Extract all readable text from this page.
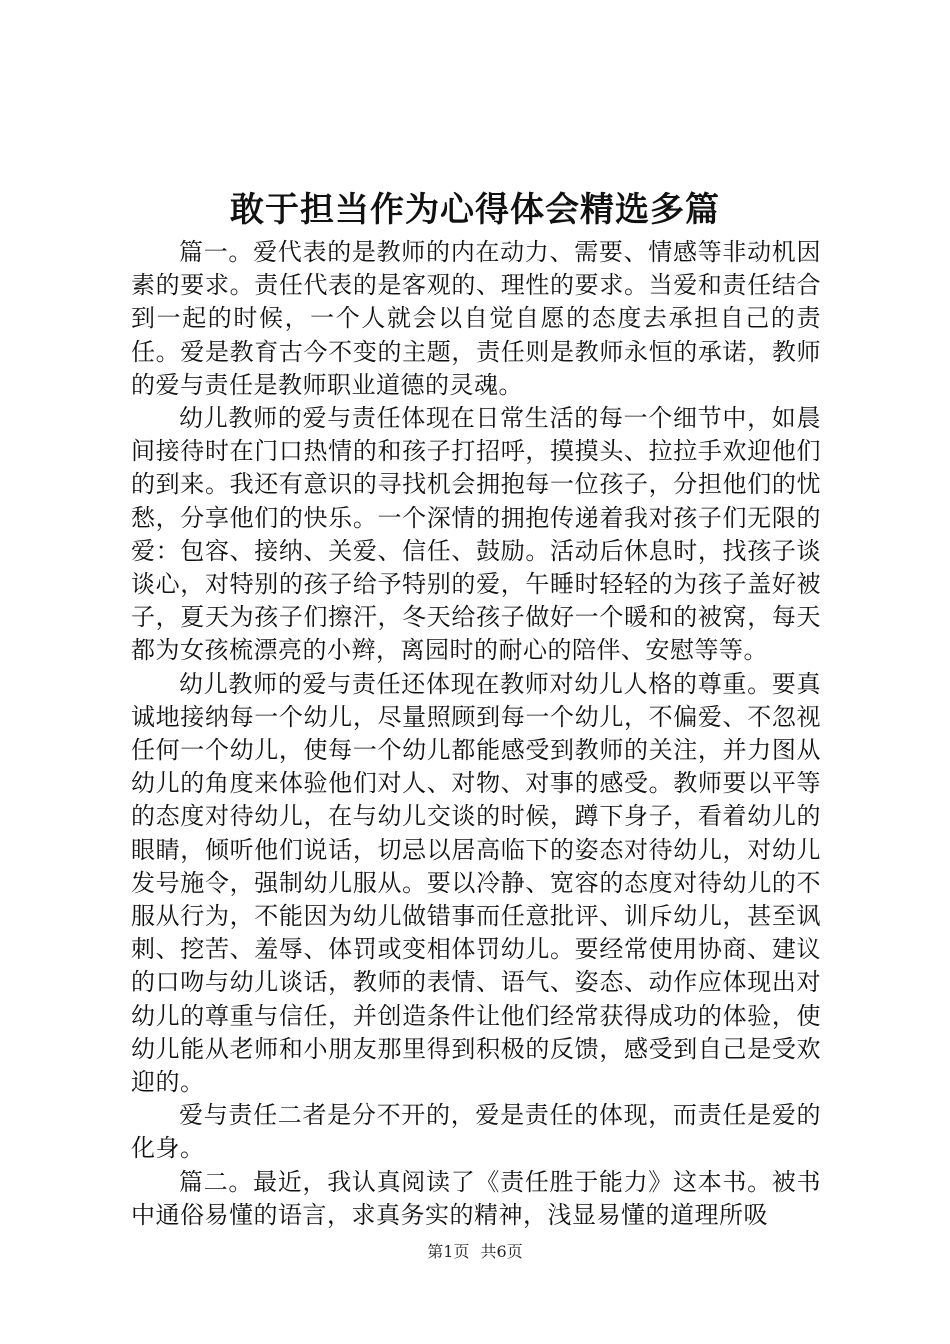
敢于担当作为心得体会精选多篇

篇一。爱代表的是教师的内在动力、需要、情感等非动机因素的要求。责任代表的是客观的、理性的要求。当爱和责任结合到一起的时候，一个人就会以自觉自愿的态度去承担自己的责任。爱是教育古今不变的主题，责任则是教师永恒的承诺，教师的爱与责任是教师职业道德的灵魂。

幼儿教师的爱与责任体现在日常生活的每一个细节中，如晨间接待时在门口热情的和孩子打招呼，摸摸头、拉拉手欢迎他们的到来。我还有意识的寻找机会拥抱每一位孩子，分担他们的忧愁，分享他们的快乐。一个深情的拥抱传递着我对孩子们无限的爱：包容、接纳、关爱、信任、鼓励。活动后休息时，找孩子谈谈心，对特别的孩子给予特别的爱，午睡时轻轻的为孩子盖好被子，夏天为孩子们擦汗，冬天给孩子做好一个暖和的被窝，每天都为女孩梳漂亮的小辫，离园时的耐心的陪伴、安慰等等。

幼儿教师的爱与责任还体现在教师对幼儿人格的尊重。要真诚地接纳每一个幼儿，尽量照顾到每一个幼儿，不偏爱、不忽视任何一个幼儿，使每一个幼儿都能感受到教师的关注，并力图从幼儿的角度来体验他们对人、对物、对事的感受。教师要以平等的态度对待幼儿，在与幼儿交谈的时候，蹲下身子，看着幼儿的眼睛，倾听他们说话，切忌以居高临下的姿态对待幼儿，对幼儿发号施令，强制幼儿服从。要以冷静、宽容的态度对待幼儿的不服从行为，不能因为幼儿做错事而任意批评、训斥幼儿，甚至讽刺、挖苦、羞辱、体罚或变相体罚幼儿。要经常使用协商、建议的口吻与幼儿谈话，教师的表情、语气、姿态、动作应体现出对幼儿的尊重与信任，并创造条件让他们经常获得成功的体验，使幼儿能从老师和小朋友那里得到积极的反馈，感受到自己是受欢迎的。

爱与责任二者是分不开的，爱是责任的体现，而责任是爱的化身。

篇二。最近，我认真阅读了《责任胜于能力》这本书。被书中通俗易懂的语言，求真务实的精神，浅显易懂的道理所吸

第1页 共6页
